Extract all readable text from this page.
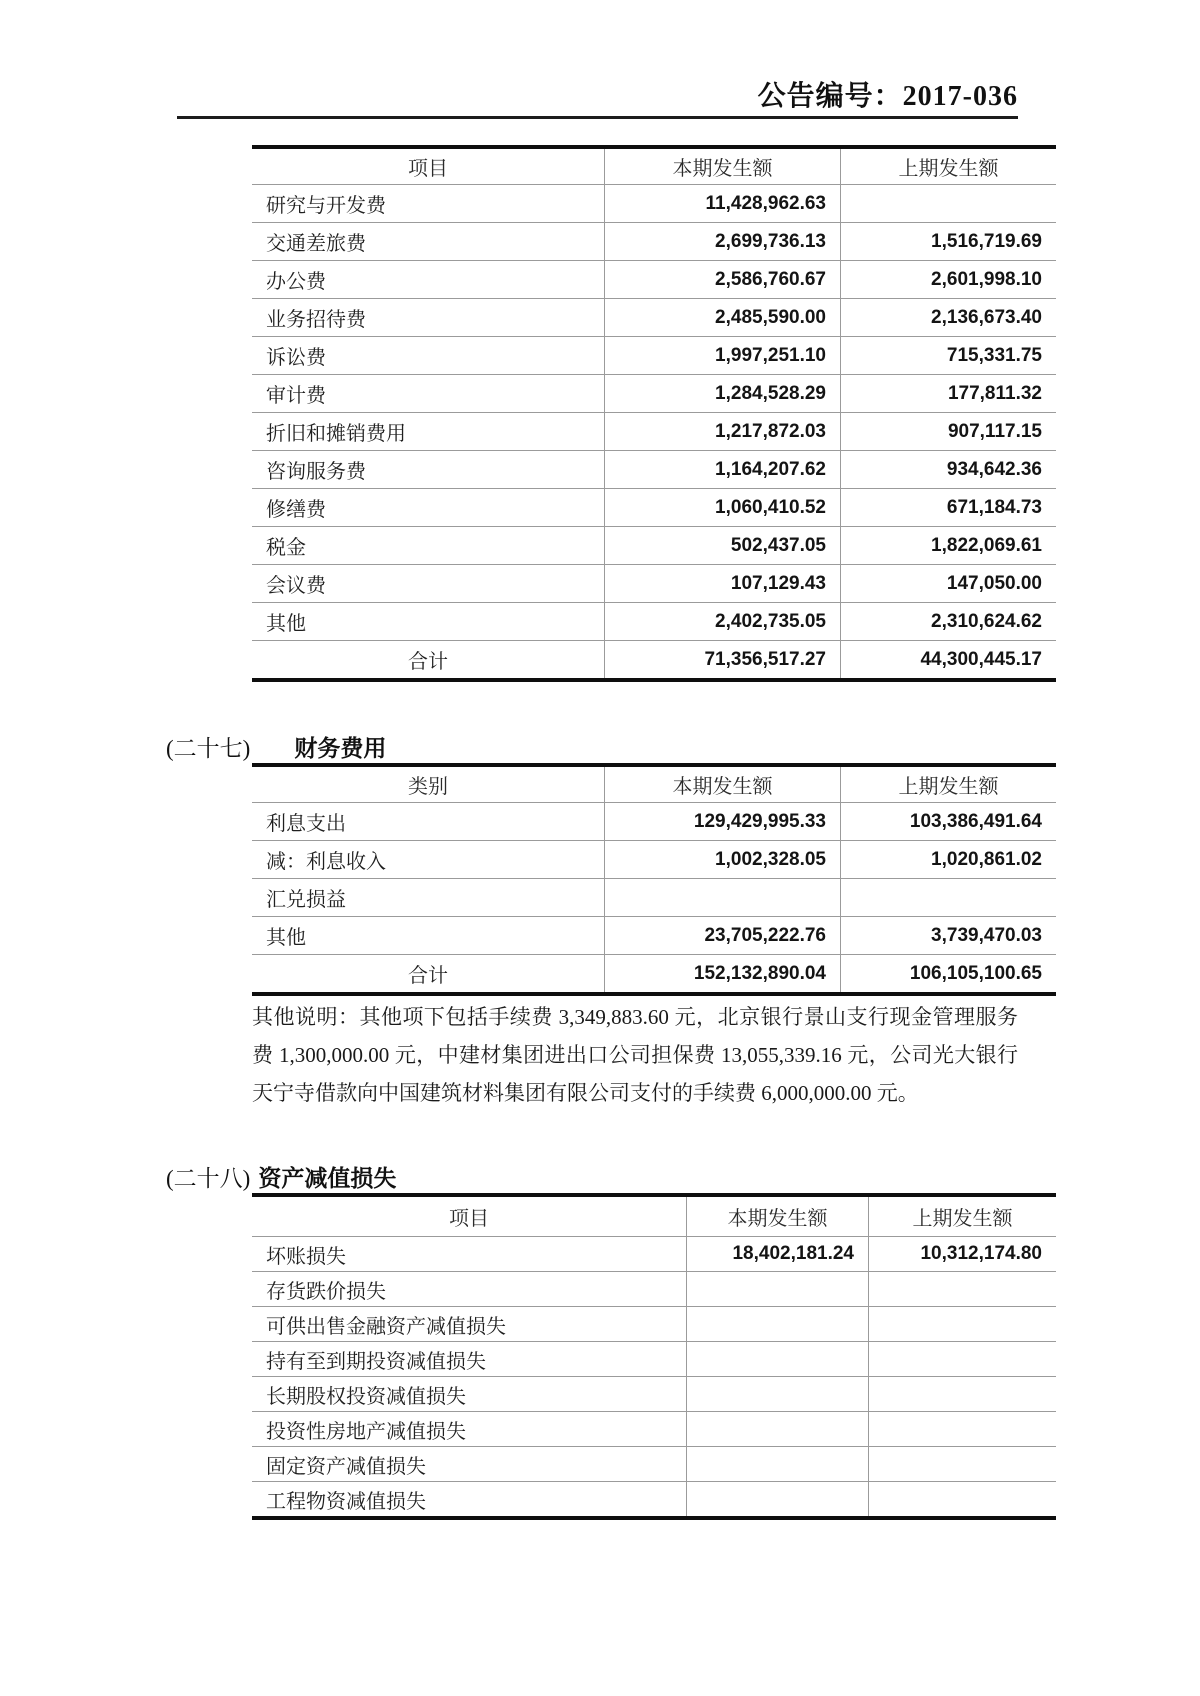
公告编号：2017-036
项目	本期发生额	上期发生额
研究与开发费	11,428,962.63
交通差旅费	2,699,736.13	1,516,719.69
办公费	2,586,760.67	2,601,998.10
业务招待费	2,485,590.00	2,136,673.40
诉讼费	1,997,251.10	715,331.75
审计费	1,284,528.29	177,811.32
折旧和摊销费用	1,217,872.03	907,117.15
咨询服务费	1,164,207.62	934,642.36
修缮费	1,060,410.52	671,184.73
税金	502,437.05	1,822,069.61
会议费	107,129.43	147,050.00
其他	2,402,735.05	2,310,624.62
合计	71,356,517.27	44,300,445.17
(二十七) 财务费用
类别	本期发生额	上期发生额
利息支出	129,429,995.33	103,386,491.64
减：利息收入	1,002,328.05	1,020,861.02
汇兑损益
其他	23,705,222.76	3,739,470.03
合计	152,132,890.04	106,105,100.65
其他说明：其他项下包括手续费 3,349,883.60 元，北京银行景山支行现金管理服务
费 1,300,000.00 元，中建材集团进出口公司担保费 13,055,339.16 元，公司光大银行
天宁寺借款向中国建筑材料集团有限公司支付的手续费 6,000,000.00 元。
(二十八) 资产减值损失
项目	本期发生额	上期发生额
坏账损失	18,402,181.24	10,312,174.80
存货跌价损失
可供出售金融资产减值损失
持有至到期投资减值损失
长期股权投资减值损失
投资性房地产减值损失
固定资产减值损失
工程物资减值损失
